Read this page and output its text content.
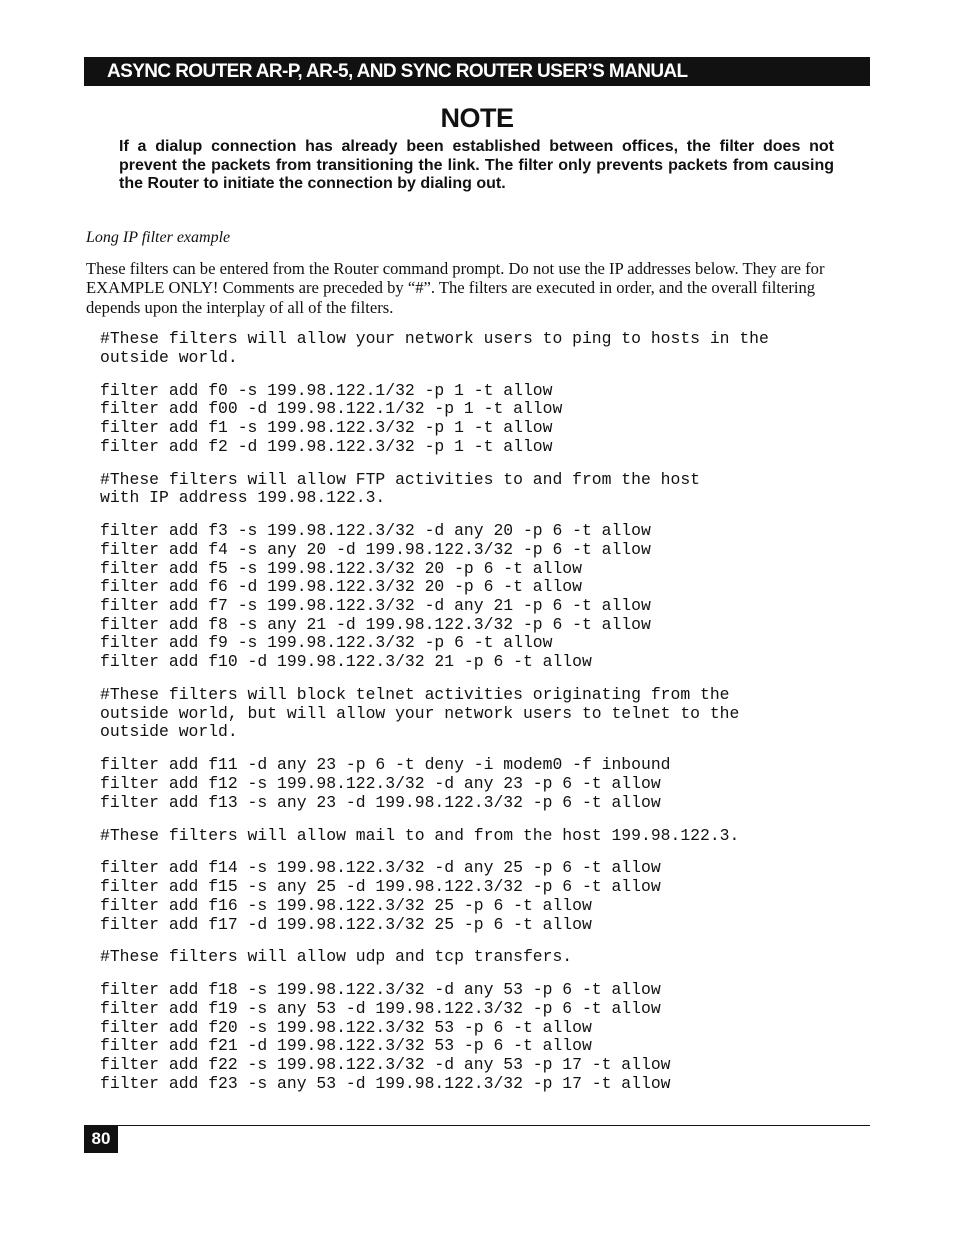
ASYNC ROUTER AR-P, AR-5, AND SYNC ROUTER USER’S MANUAL
NOTE
If a dialup connection has already been established between offices, the filter does not prevent the packets from transitioning the link. The filter only prevents packets from causing the Router to initiate the connection by dialing out.
Long IP filter example
These filters can be entered from the Router command prompt. Do not use the IP addresses below. They are for EXAMPLE ONLY! Comments are preceded by “#”. The filters are executed in order, and the overall filtering depends upon the interplay of all of the filters.
#These filters will allow your network users to ping to hosts in the
outside world.
filter add f0 -s 199.98.122.1/32 -p 1 -t allow
filter add f00 -d 199.98.122.1/32 -p 1 -t allow
filter add f1 -s 199.98.122.3/32 -p 1 -t allow
filter add f2 -d 199.98.122.3/32 -p 1 -t allow
#These filters will allow FTP activities to and from the host
with IP address 199.98.122.3.
filter add f3 -s 199.98.122.3/32 -d any 20 -p 6 -t allow
filter add f4 -s any 20 -d 199.98.122.3/32 -p 6 -t allow
filter add f5 -s 199.98.122.3/32 20 -p 6 -t allow
filter add f6 -d 199.98.122.3/32 20 -p 6 -t allow
filter add f7 -s 199.98.122.3/32 -d any 21 -p 6 -t allow
filter add f8 -s any 21 -d 199.98.122.3/32 -p 6 -t allow
filter add f9 -s 199.98.122.3/32 -p 6 -t allow
filter add f10 -d 199.98.122.3/32 21 -p 6 -t allow
#These filters will block telnet activities originating from the
outside world, but will allow your network users to telnet to the
outside world.
filter add f11 -d any 23 -p 6 -t deny -i modem0 -f inbound
filter add f12 -s 199.98.122.3/32 -d any 23 -p 6 -t allow
filter add f13 -s any 23 -d 199.98.122.3/32 -p 6 -t allow
#These filters will allow mail to and from the host 199.98.122.3.
filter add f14 -s 199.98.122.3/32 -d any 25 -p 6 -t allow
filter add f15 -s any 25 -d 199.98.122.3/32 -p 6 -t allow
filter add f16 -s 199.98.122.3/32 25 -p 6 -t allow
filter add f17 -d 199.98.122.3/32 25 -p 6 -t allow
#These filters will allow udp and tcp transfers.
filter add f18 -s 199.98.122.3/32 -d any 53 -p 6 -t allow
filter add f19 -s any 53 -d 199.98.122.3/32 -p 6 -t allow
filter add f20 -s 199.98.122.3/32 53 -p 6 -t allow
filter add f21 -d 199.98.122.3/32 53 -p 6 -t allow
filter add f22 -s 199.98.122.3/32 -d any 53 -p 17 -t allow
filter add f23 -s any 53 -d 199.98.122.3/32 -p 17 -t allow
80
